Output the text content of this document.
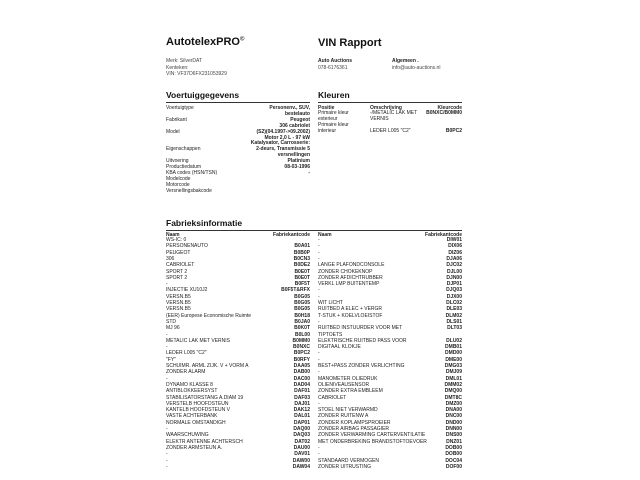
AutotelexPRO©	VIN Rapport
Merk: SilverDAT
Kenteken:
VIN: VF37D6FX231053929
Auto Auctions
078-6176361
Algemeen .
info@auto-auctions.nl
Voertuiggegevens
Voertuigtype	Personenv., SUV,
bestelauto
Fabrikant	Peugeot
306 cabriolet
Model	(S2)(04.1997->09.2002)
Motor 2,0 L - 97 kW
Katalysator, Carrosserie:
Eigenschappen	2-deurs, Transmissie 5
versnellingen
Uitvoering	Platinium
Productiedatum	08-03-1996
KBA codes (HSN/TSN)	-
Modelcode
Motorcode
Versnellingsbakcode
Kleuren
Positie	Omschrijving	Kleurcode
Primaire kleur	-/METALIC LAK MET	B0NXC/B0MM0
exterieur	VERNIS
Primaire kleur
interieur	LEDER L005 "C2"	B0PC2
Fabrieksinformatie
Naam	Fabriekantcode Naam	Fabriekantcode
WS-IC: 0
PERSONENAUTO	B0A01
PEUGEOT	B0B0P
306	B0CN3
CABRIOLET	B0DE2
SPORT 2	B0E0T
SPORT 2	B0E0T
-	B0F5T
INJECTIE XU10J2	B0F5T&RFX
VERSN.B5	B0G05
VERSN.B5	B0G05
VERSN.B5	B0G05
(EER) Europese Economische Ruimte	B0H18
STD	B0JA0
MJ 96	B0K0T
-	B0L00
METALIC LAK MET VERNIS	B0MM0
-	B0NXC
LEDER L005 "C2"	B0PC2
"FY"	B0RFY
SCHUIMR. ARML ZIJK. V + VORM A	DAA05
ZONDER ALARM	DAB00
-	DAC00
DYNAMO KLASSE 8	DAD04
ANTIBLOKKEERSYST	DAF01
STABILISATORSTANG A.DIAM 19	DAF03
VERSTELB HOOFDSTEUN	DAJ01
KANTELB HOOFDSTEUN V	DAK12
VASTE ACHTERBANK	DAL01
NORMALE OMSTANDIGH	DAP01
-	DAQ00
WAARSCHUWING	DAQ03
ELEKTR ANTENNE ACHTERSCH	DAT02
ZONDER ARMSTEUN A.	DAU00
-	DAV01
-	DAW00
-	DAW04
-	DIW01
-	DIX06
-	DIZ06
-	DJA06
LANGE PLAFONDCONSOLE	DJC02
ZONDER CHOKEKNOP	DJL00
ZONDER AFDICHTRUBBER	DJN00
VERKL LMP BUITENTEMP	DJP01
-	DJQ03
-	DJX00
WIT LICHT	DLC02
RUITBED A ELEC + VERGR	DLE03
T-STUK + KOELVLOEISTOF	DLM02
-	DLS01
RUITBED INSTUURDER VOOR MET	DLT03
TIPTOETS
ELEKTRISCHE RUITBED PASS VOOR	DLU02
DIGITAAL KLOKJE	DMB01
-	DMD00
-	DME00
BEST+PASS ZONDER VERLICHTING	DMG03
-	DMJ09
MANOMETER OLIEDRUK	DML01
OLIENIVEAUSENSOR	DMM02
ZONDER EXTRA EMBLEEM	DMQ00
CABRIOLET	DMT8C
-	DMZ00
STOEL NIET VERWARMD	DNA00
ZONDER RUITENW A	DNC00
ZONDER KOPLAMPSPROEIER	DND00
ZONDER AIRBAG PASSAGIER	DNN00
ZONDER VERWARMING CARTERVENTILATIE	DNS00
MET ONDERBREKING BRANDSTOFTOEVOER	DNZ01
-	DOB00
-	DOB00
STANDAARD VERMOGEN	DOC04
ZONDER UITRUSTING	DOF00
